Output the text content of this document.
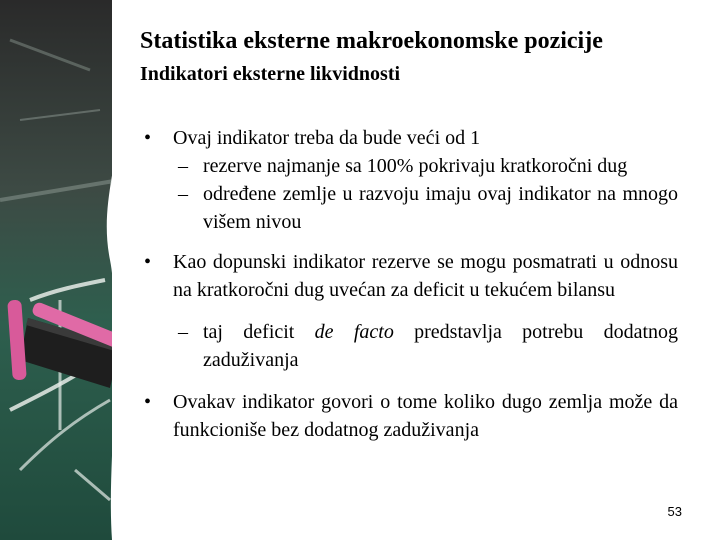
Statistika eksterne makroekonomske pozicije
Indikatori eksterne likvidnosti
• Ovaj indikator treba da bude veći od 1
– rezerve najmanje sa 100% pokrivaju kratkoročni dug
– određene zemlje u razvoju imaju ovaj indikator na mnogo višem nivou
• Kao dopunski indikator rezerve se mogu posmatrati u odnosu na kratkoročni dug uvećan za deficit u tekućem bilansu
– taj deficit de facto predstavlja potrebu dodatnog zaduživanja
• Ovakav indikator govori o tome koliko dugo zemlja može da funkcioniše bez dodatnog zaduživanja
53
